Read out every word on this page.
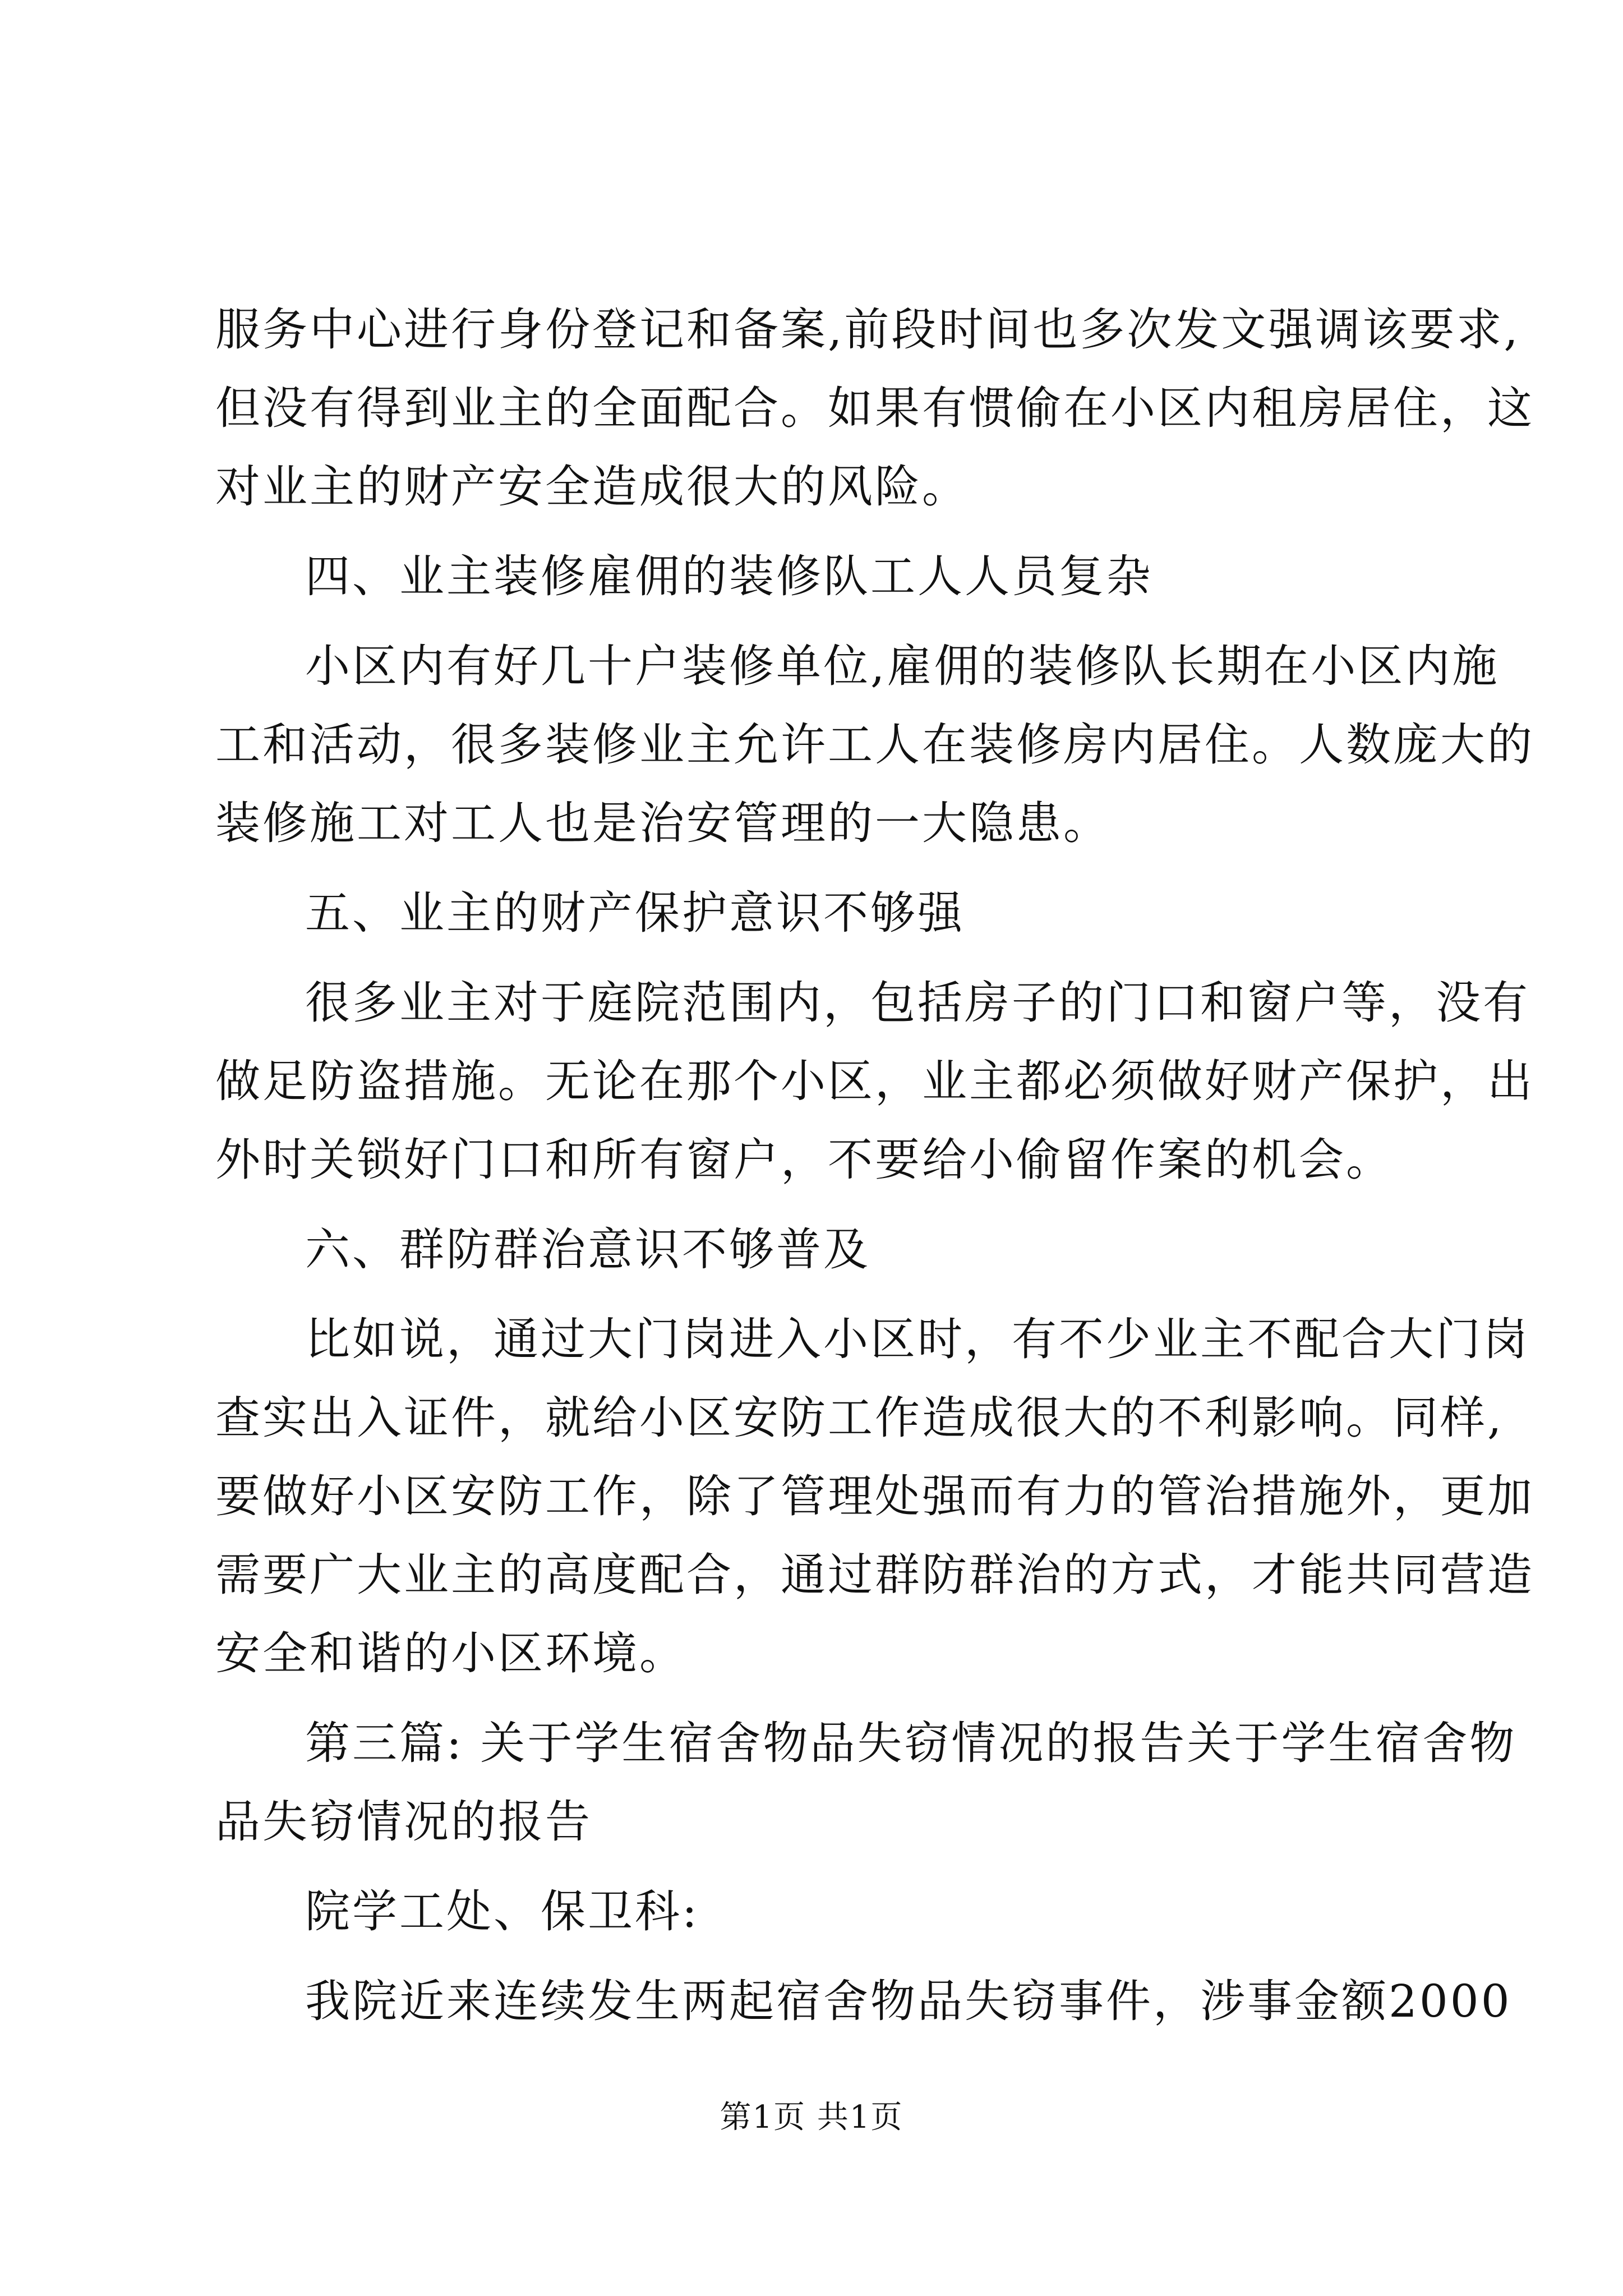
服务中心进行身份登记和备案,前段时间也多次发文强调该要求,
但没有得到业主的全面配合。如果有惯偷在小区内租房居住，这
对业主的财产安全造成很大的风险。
四、业主装修雇佣的装修队工人人员复杂
小区内有好几十户装修单位,雇佣的装修队长期在小区内施
工和活动，很多装修业主允许工人在装修房内居住。人数庞大的
装修施工对工人也是治安管理的一大隐患。
五、业主的财产保护意识不够强
很多业主对于庭院范围内，包括房子的门口和窗户等，没有
做足防盗措施。无论在那个小区，业主都必须做好财产保护，出
外时关锁好门口和所有窗户，不要给小偷留作案的机会。
六、群防群治意识不够普及
比如说，通过大门岗进入小区时，有不少业主不配合大门岗
查实出入证件，就给小区安防工作造成很大的不利影响。同样,
要做好小区安防工作，除了管理处强而有力的管治措施外，更加
需要广大业主的高度配合，通过群防群治的方式，才能共同营造
安全和谐的小区环境。
第三篇: 关于学生宿舍物品失窃情况的报告关于学生宿舍物
品失窃情况的报告
院学工处、保卫科:
我院近来连续发生两起宿舍物品失窃事件，涉事金额2000
第1页 共1页
